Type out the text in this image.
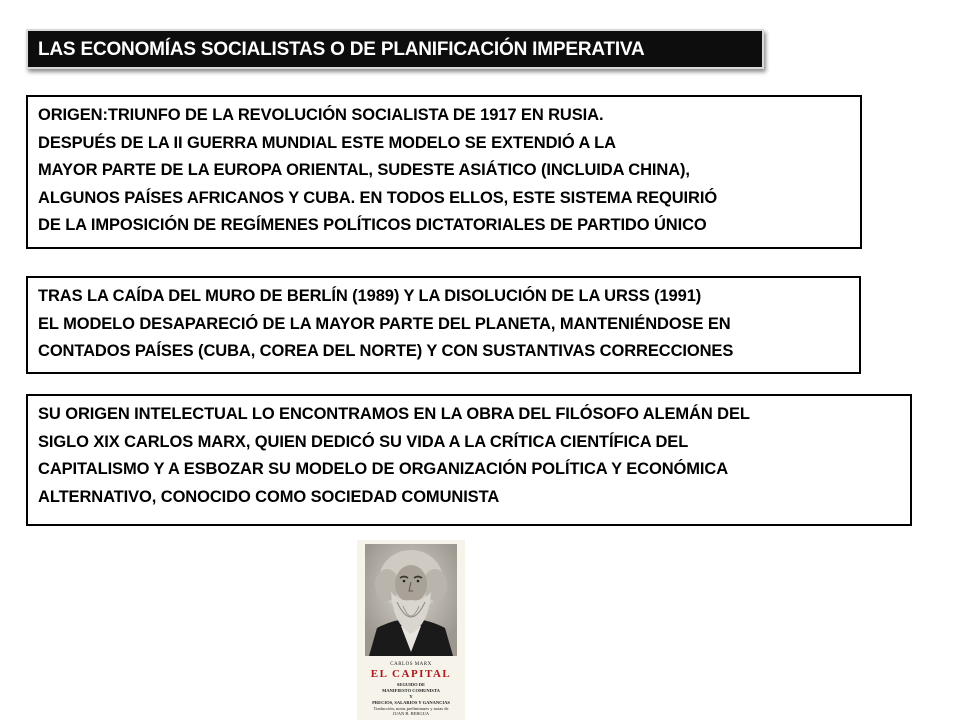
LAS ECONOMÍAS SOCIALISTAS O DE PLANIFICACIÓN IMPERATIVA

ORIGEN:TRIUNFO DE LA REVOLUCIÓN SOCIALISTA DE 1917 EN RUSIA.

DESPUÉS DE LA II GUERRA MUNDIAL ESTE MODELO SE EXTENDIÓ A LA

MAYOR PARTE DE LA EUROPA ORIENTAL, SUDESTE ASIÁTICO (INCLUIDA CHINA),

ALGUNOS PAÍSES AFRICANOS Y CUBA. EN TODOS ELLOS, ESTE SISTEMA REQUIRIÓ

DE LA IMPOSICIÓN DE REGÍMENES POLÍTICOS DICTATORIALES DE PARTIDO ÚNICO

TRAS LA CAÍDA DEL MURO DE BERLÍN (1989) Y LA DISOLUCIÓN DE LA URSS (1991)

EL MODELO DESAPARECIÓ DE LA MAYOR PARTE DEL PLANETA, MANTENIÉNDOSE EN

CONTADOS PAÍSES (CUBA, COREA DEL NORTE) Y CON SUSTANTIVAS CORRECCIONES

SU ORIGEN INTELECTUAL LO ENCONTRAMOS EN LA OBRA DEL FILÓSOFO ALEMÁN DEL

SIGLO XIX CARLOS MARX, QUIEN DEDICÓ SU VIDA A LA CRÍTICA CIENTÍFICA DEL

CAPITALISMO Y A ESBOZAR SU MODELO DE ORGANIZACIÓN POLÍTICA Y ECONÓMICA

ALTERNATIVO, CONOCIDO COMO SOCIEDAD COMUNISTA

CARLOS MARX
EL CAPITAL
SEGUIDO DE
MANIFIESTO COMUNISTA
Y
PRECIOS, SALARIOS Y GANANCIAS
Traducción, notas preliminares y notas de
JUAN B. BERGUA
